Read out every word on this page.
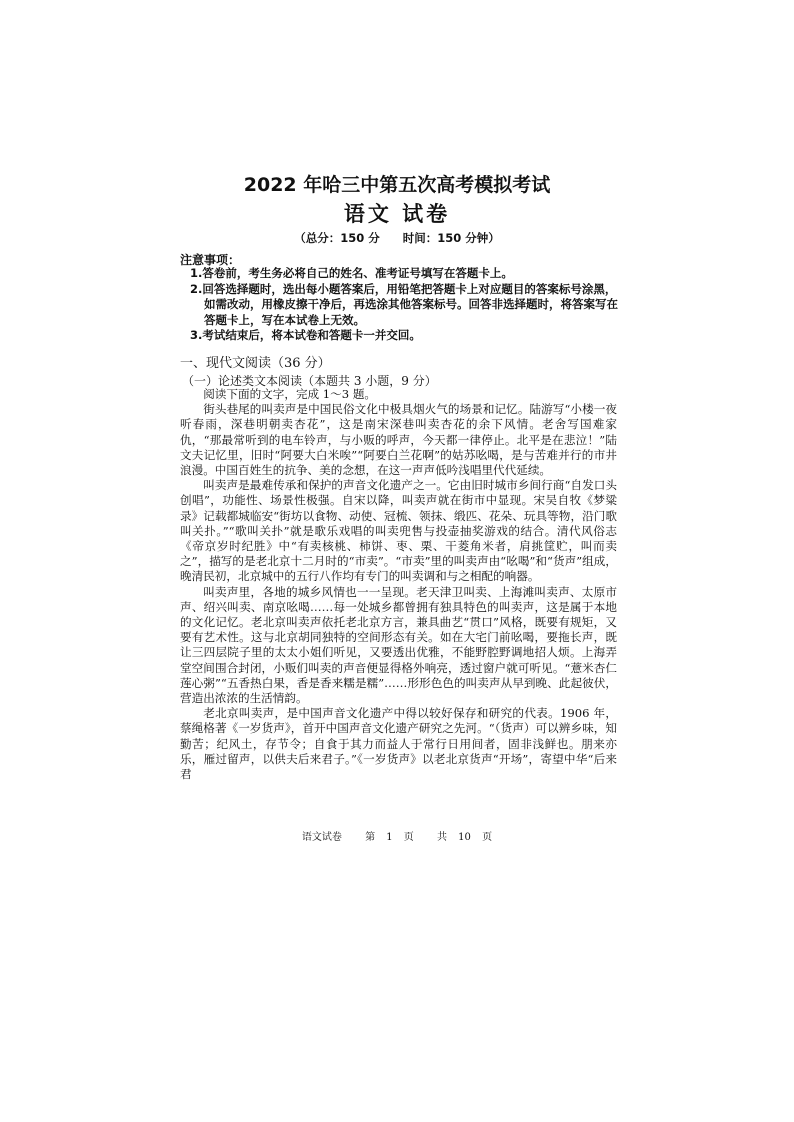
2022 年哈三中第五次高考模拟考试
语文 试卷
（总分：150 分　　时间：150 分钟）
注意事项：

1.答卷前，考生务必将自己的姓名、准考证号填写在答题卡上。

2.回答选择题时，选出每小题答案后，用铅笔把答题卡上对应题目的答案标号涂黑，

如需改动，用橡皮擦干净后，再选涂其他答案标号。回答非选择题时，将答案写在

答题卡上，写在本试卷上无效。

3.考试结束后，将本试卷和答题卡一并交回。

一、现代文阅读（36 分）
（一）论述类文本阅读（本题共 3 小题，9 分）

阅读下面的文字，完成 1～3 题。

街头巷尾的叫卖声是中国民俗文化中极具烟火气的场景和记忆。陆游写“小楼一夜听春雨，深巷明朝卖杏花”，这是南宋深巷叫卖杏花的余下风情。老舍写国难家仇，“那最常听到的电车铃声，与小贩的呼声，今天都一律停止。北平是在悲泣！”陆文夫记忆里，旧时“阿要大白米唉”“阿要白兰花啊”的姑苏吆喝，是与苦难并行的市井浪漫。中国百姓生的抗争、美的念想，在这一声声低吟浅唱里代代延续。

叫卖声是最难传承和保护的声音文化遗产之一。它由旧时城市乡间行商“自发口头创唱”，功能性、场景性极强。自宋以降，叫卖声就在街市中显现。宋吴自牧《梦粱录》记载都城临安“街坊以食物、动使、冠梳、领抹、缎匹、花朵、玩具等物，沿门歌叫关扑。”“歌叫关扑”就是歌乐戏唱的叫卖兜售与投壶抽奖游戏的结合。清代风俗志《帝京岁时纪胜》中“有卖核桃、柿饼、枣、栗、干菱角米者，肩挑筐贮，叫而卖之”，描写的是老北京十二月时的“市卖”。“市卖”里的叫卖声由“吆喝”和“货声”组成，晚清民初，北京城中的五行八作均有专门的叫卖调和与之相配的响器。

叫卖声里，各地的城乡风情也一一呈现。老天津卫叫卖、上海滩叫卖声、太原市声、绍兴叫卖、南京吆喝……每一处城乡都曾拥有独具特色的叫卖声，这是属于本地的文化记忆。老北京叫卖声依托老北京方言，兼具曲艺“贯口”风格，既要有规矩，又要有艺术性。这与北京胡同独特的空间形态有关。如在大宅门前吆喝，要拖长声，既让三四层院子里的太太小姐们听见，又要透出优雅，不能野腔野调地招人烦。上海弄堂空间围合封闭，小贩们叫卖的声音便显得格外响亮，透过窗户就可听见。“薏米杏仁莲心粥”“五香热白果，香是香来糯是糯”……形形色色的叫卖声从早到晚、此起彼伏，营造出浓浓的生活情韵。

老北京叫卖声，是中国声音文化遗产中得以较好保存和研究的代表。1906 年，蔡绳格著《一岁货声》，首开中国声音文化遗产研究之先河。“（货声）可以辨乡味，知勤苦；纪风土，存节令；自食于其力而益人于常行日用间者，固非浅鲜也。朋来亦乐，雁过留声，以供夫后来君子。”《一岁货声》以老北京货声“开场”，寄望中华“后来君

语文试卷 第 1 页 共 10 页
